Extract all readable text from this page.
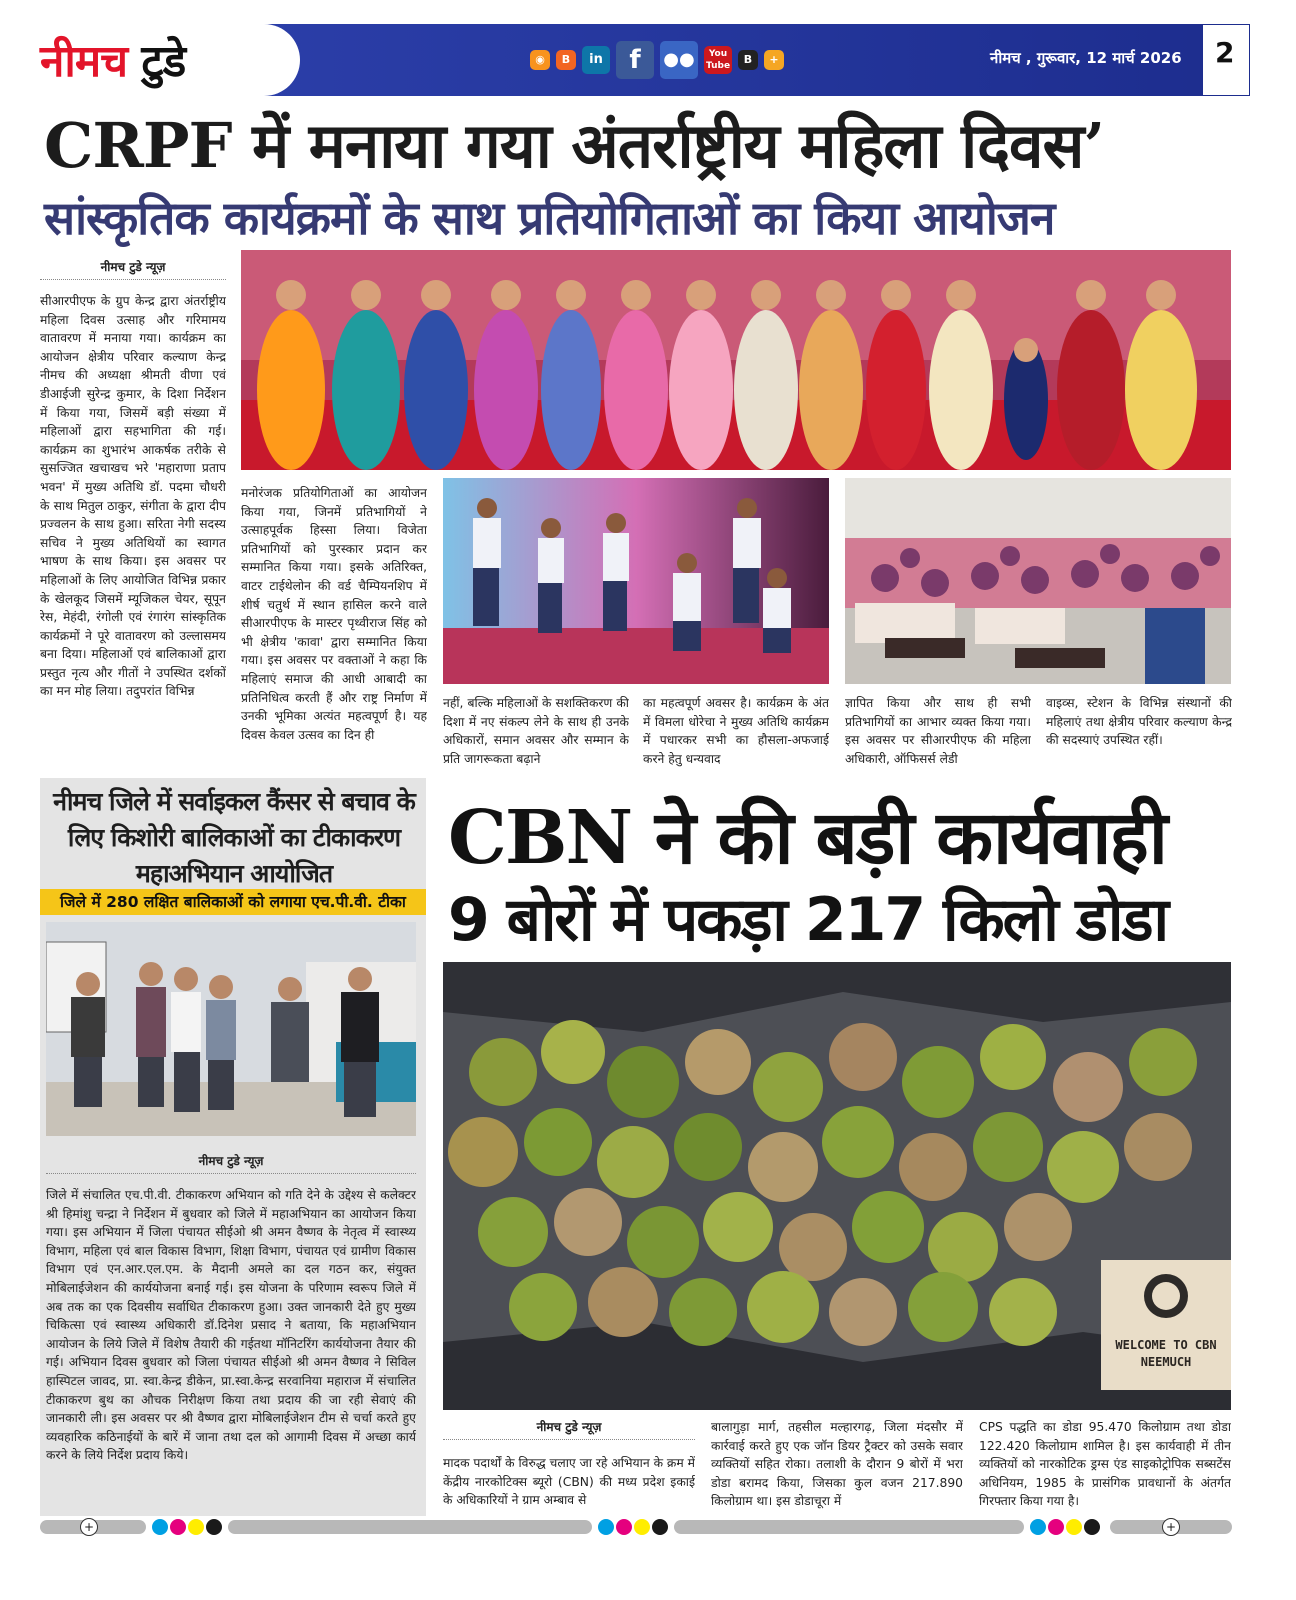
नीमच टुडे	◉	B	in	f	●●	You
Tube	B	+	नीमच , गुरूवार, 12 मार्च 2026 2
CRPF में मनाया गया अंतर्राष्ट्रीय महिला दिवस’
सांस्कृतिक कार्यक्रमों के साथ प्रतियोगिताओं का किया आयोजन
नीमच टुडे न्यूज़
सीआरपीएफ के ग्रुप केन्द्र द्वारा अंतर्राष्ट्रीय महिला दिवस उत्साह और गरिमामय वातावरण में मनाया गया। कार्यक्रम का आयोजन क्षेत्रीय परिवार कल्याण केन्द्र नीमच की अध्यक्षा श्रीमती वीणा एवं डीआईजी सुरेन्द्र कुमार, के दिशा निर्देशन में किया गया, जिसमें बड़ी संख्या में महिलाओं द्वारा सहभागिता की गई। कार्यक्रम का शुभारंभ आकर्षक तरीके से सुसज्जित खचाखच भरे 'महाराणा प्रताप भवन' में मुख्य अतिथि डॉ. पदमा चौधरी के साथ मितुल ठाकुर, संगीता के द्वारा दीप प्रज्वलन के साथ हुआ। सरिता नेगी सदस्य सचिव ने मुख्य अतिथियों का स्वागत भाषण के साथ किया। इस अवसर पर महिलाओं के लिए आयोजित विभिन्न प्रकार के खेलकूद जिसमें म्यूजिकल चेयर, सूपून रेस, मेहंदी, रंगोली एवं रंगारंग सांस्कृतिक कार्यक्रमों ने पूरे वातावरण को उल्लासमय बना दिया। महिलाओं एवं बालिकाओं द्वारा प्रस्तुत नृत्य और गीतों ने उपस्थित दर्शकों का मन मोह लिया। तदुपरांत विभिन्न
मनोरंजक प्रतियोगिताओं का आयोजन किया गया, जिनमें प्रतिभागियों ने उत्साहपूर्वक हिस्सा लिया। विजेता प्रतिभागियों को पुरस्कार प्रदान कर सम्मानित किया गया। इसके अतिरिक्त, वाटर टाईथेलोन की वर्ड चैम्पियनशिप में शीर्ष चतुर्थ में स्थान हासिल करने वाले सीआरपीएफ के मास्टर पृथ्वीराज सिंह को भी क्षेत्रीय 'कावा' द्वारा सम्मानित किया गया। इस अवसर पर वक्ताओं ने कहा कि महिलाएं समाज की आधी आबादी का प्रतिनिधित्व करती हैं और राष्ट्र निर्माण में उनकी भूमिका अत्यंत महत्वपूर्ण है। यह दिवस केवल उत्सव का दिन ही
नहीं, बल्कि महिलाओं के सशक्तिकरण की दिशा में नए संकल्प लेने के साथ ही उनके अधिकारों, समान अवसर और सम्मान के प्रति जागरूकता बढ़ाने
का महत्वपूर्ण अवसर है। कार्यक्रम के अंत में विमला धोरेचा ने मुख्य अतिथि कार्यक्रम में पधारकर सभी का हौसला-अफजाई करने हेतु धन्यवाद
ज्ञापित किया और साथ ही सभी प्रतिभागियों का आभार व्यक्त किया गया। इस अवसर पर सीआरपीएफ की महिला अधिकारी, ऑफिसर्स लेडी
वाइव्स, स्टेशन के विभिन्न संस्थानों की महिलाएं तथा क्षेत्रीय परिवार कल्याण केन्द्र की सदस्याएं उपस्थित रहीं।
नीमच जिले में सर्वाइकल कैंसर से बचाव के लिए किशोरी बालिकाओं का टीकाकरण महाअभियान आयोजित
जिले में 280 लक्षित बालिकाओं को लगाया एच.पी.वी. टीका
नीमच टुडे न्यूज़
जिले में संचालित एच.पी.वी. टीकाकरण अभियान को गति देने के उद्देश्य से कलेक्टर श्री हिमांशु चन्द्रा ने निर्देशन में बुधवार को जिले में महाअभियान का आयोजन किया गया। इस अभियान में जिला पंचायत सीईओ श्री अमन वैष्णव के नेतृत्व में स्वास्थ्य विभाग, महिला एवं बाल विकास विभाग, शिक्षा विभाग, पंचायत एवं ग्रामीण विकास विभाग एवं एन.आर.एल.एम. के मैदानी अमले का दल गठन कर, संयुक्त मोबिलाईजेशन की कार्ययोजना बनाई गई। इस योजना के परिणाम स्वरूप जिले में अब तक का एक दिवसीय सर्वाधित टीकाकरण हुआ। उक्त जानकारी देते हुए मुख्य चिकित्सा एवं स्वास्थ्य अधिकारी डॉ.दिनेश प्रसाद ने बताया, कि महाअभियान आयोजन के लिये जिले में विशेष तैयारी की गईतथा मॉनिटरिंग कार्ययोजना तैयार की गई। अभियान दिवस बुधवार को जिला पंचायत सीईओ श्री अमन वैष्णव ने सिविल हास्पिटल जावद, प्रा. स्वा.केन्द्र डीकेन, प्रा.स्वा.केन्द्र सरवानिया महाराज में संचालित टीकाकरण बुथ का औचक निरीक्षण किया तथा प्रदाय की जा रही सेवाएं की जानकारी ली। इस अवसर पर श्री वैष्णव द्वारा मोबिलाईजेशन टीम से चर्चा करते हुए व्यवहारिक कठिनाईयों के बारें में जाना तथा दल को आगामी दिवस में अच्छा कार्य करने के लिये निर्देश प्रदाय किये।
CBN ने की बड़ी कार्यवाही
9 बोरों में पकड़ा 217 किलो डोडा
WELCOME TO CBN
NEEMUCH
नीमच टुडे न्यूज़
मादक पदार्थों के विरुद्ध चलाए जा रहे अभियान के क्रम में केंद्रीय नारकोटिक्स ब्यूरो (CBN) की मध्य प्रदेश इकाई के अधिकारियों ने ग्राम अम्बाव से
बालागुड़ा मार्ग, तहसील मल्हारगढ़, जिला मंदसौर में कार्रवाई करते हुए एक जॉन डियर ट्रैक्टर को उसके सवार व्यक्तियों सहित रोका। तलाशी के दौरान 9 बोरों में भरा डोडा बरामद किया, जिसका कुल वजन 217.890 किलोग्राम था। इस डोडाचूरा में
CPS पद्धति का डोडा 95.470 किलोग्राम तथा डोडा 122.420 किलोग्राम शामिल है। इस कार्यवाही में तीन व्यक्तियों को नारकोटिक ड्रग्स एंड साइकोट्रोपिक सब्सटेंस अधिनियम, 1985 के प्रासंगिक प्रावधानों के अंतर्गत गिरफ्तार किया गया है।
+	+
